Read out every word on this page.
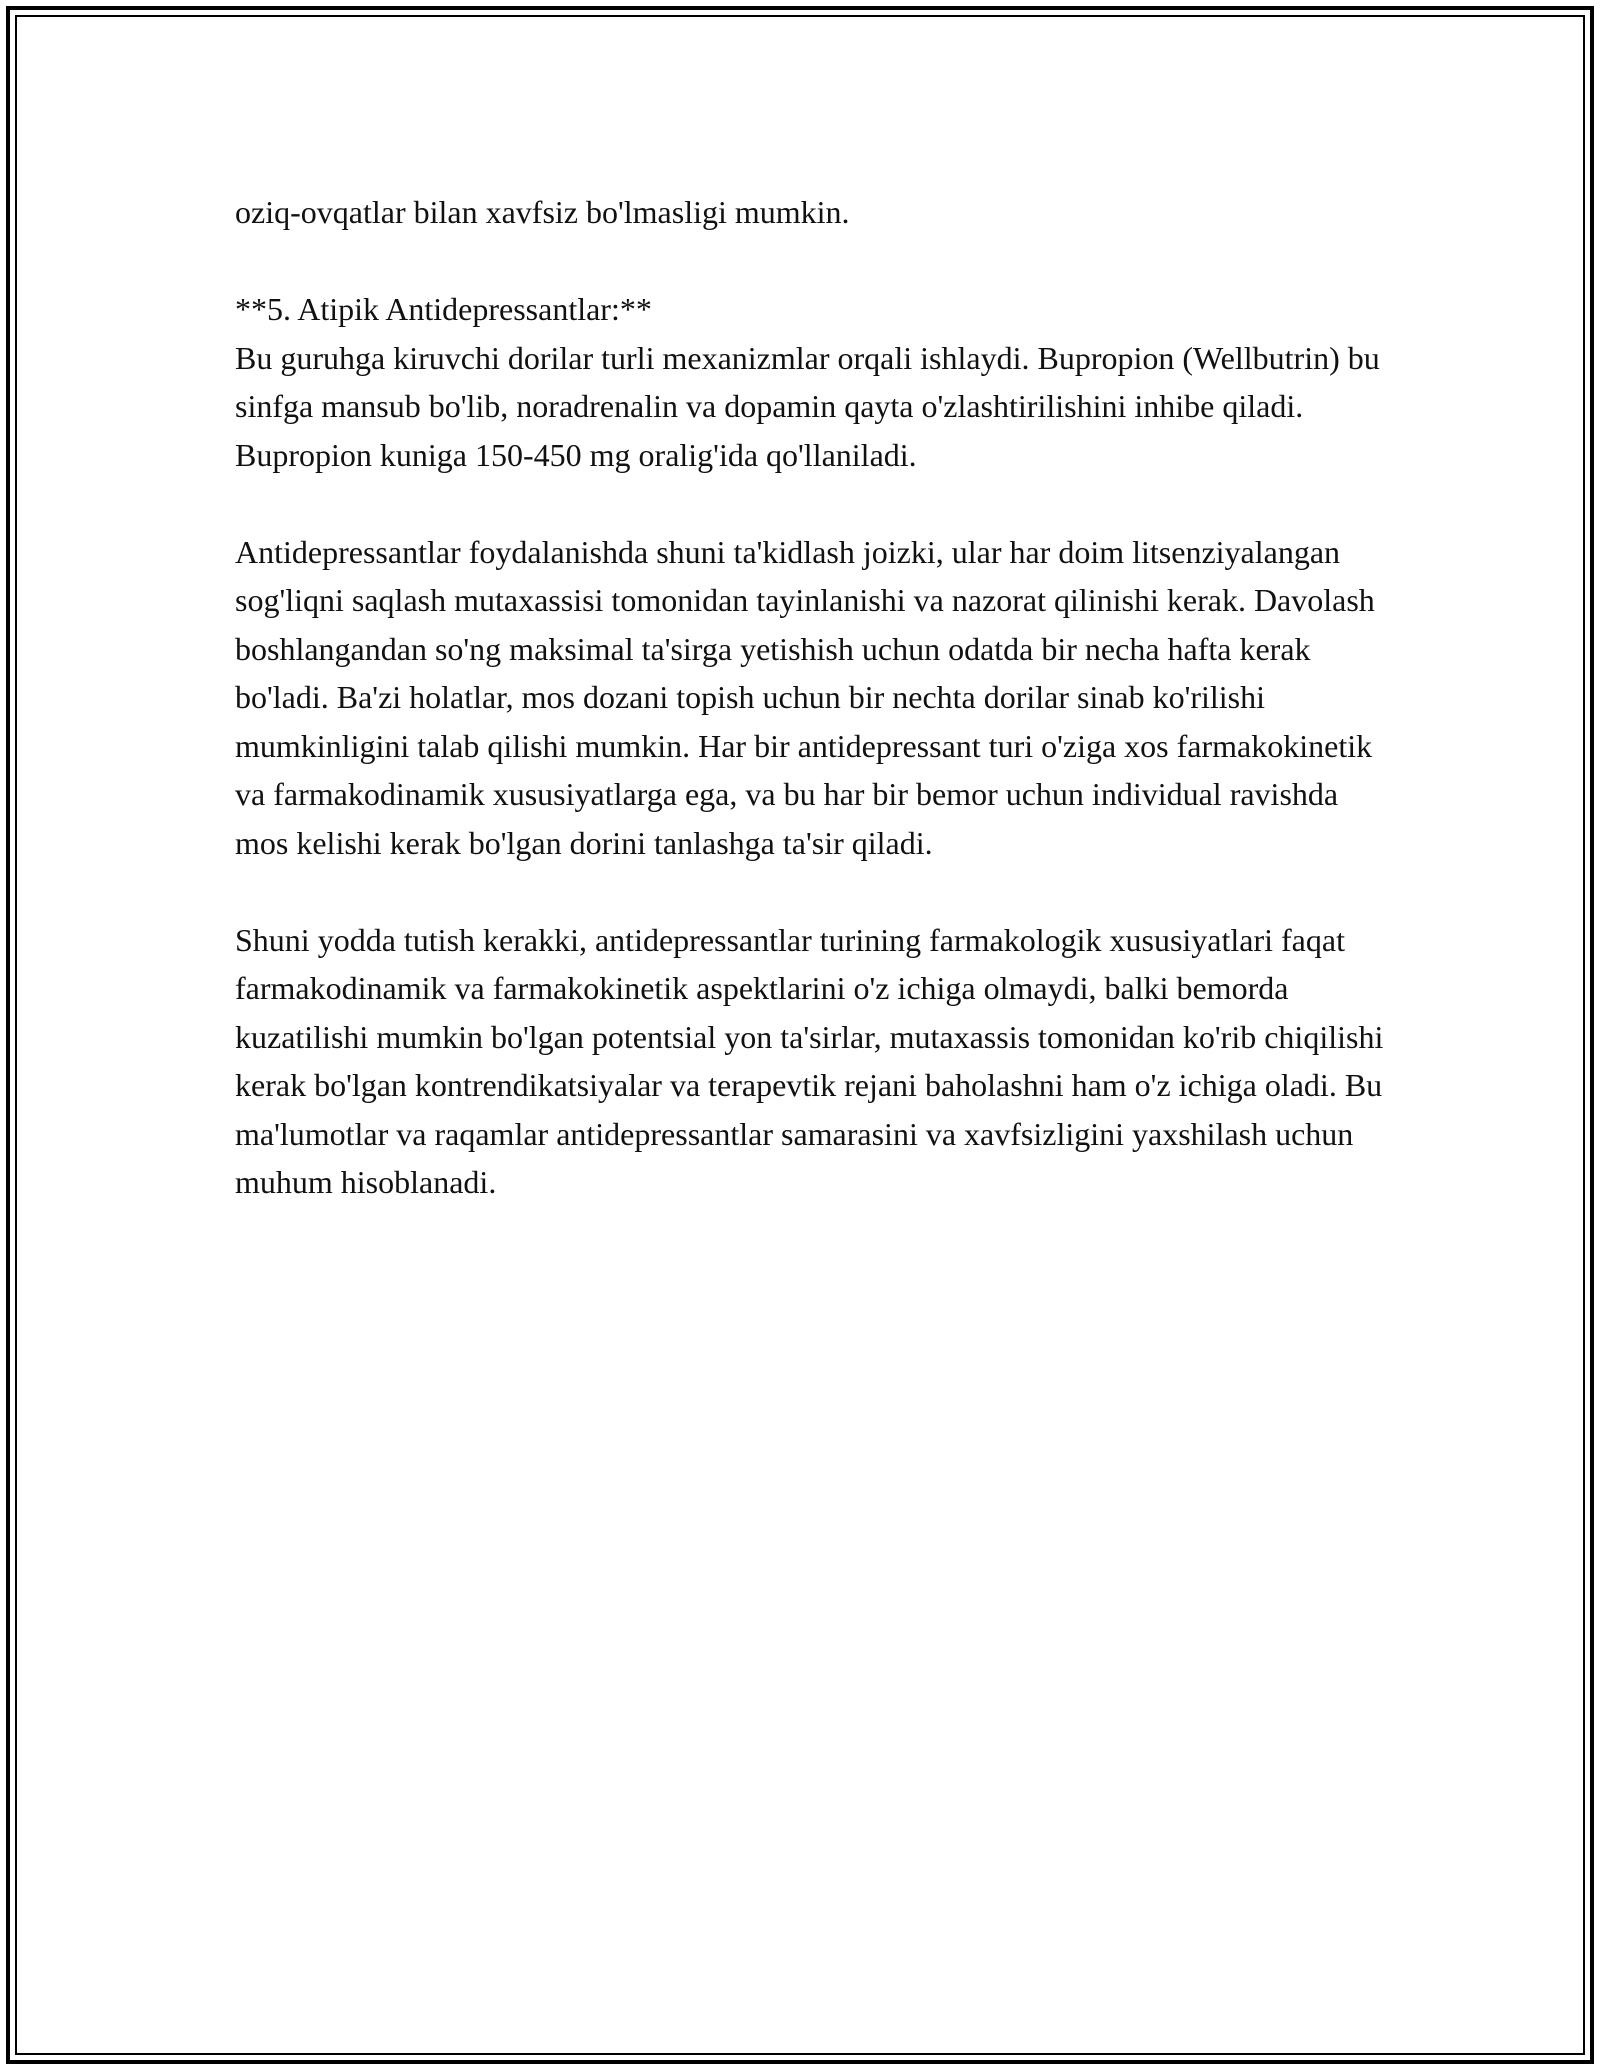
oziq-ovqatlar bilan xavfsiz bo'lmasligi mumkin.

**5. Atipik Antidepressantlar:**
Bu guruhga kiruvchi dorilar turli mexanizmlar orqali ishlaydi. Bupropion (Wellbutrin) bu sinfga mansub bo'lib, noradrenalin va dopamin qayta o'zlashtirilishini inhibe qiladi. Bupropion kuniga 150-450 mg oralig'ida qo'llaniladi.

Antidepressantlar foydalanishda shuni ta'kidlash joizki, ular har doim litsenziyalangan sog'liqni saqlash mutaxassisi tomonidan tayinlanishi va nazorat qilinishi kerak. Davolash boshlangandan so'ng maksimal ta'sirga yetishish uchun odatda bir necha hafta kerak bo'ladi. Ba'zi holatlar, mos dozani topish uchun bir nechta dorilar sinab ko'rilishi mumkinligini talab qilishi mumkin. Har bir antidepressant turi o'ziga xos farmakokinetik va farmakodinamik xususiyatlarga ega, va bu har bir bemor uchun individual ravishda mos kelishi kerak bo'lgan dorini tanlashga ta'sir qiladi.

Shuni yodda tutish kerakki, antidepressantlar turining farmakologik xususiyatlari faqat farmakodinamik va farmakokinetik aspektlarini o'z ichiga olmaydi, balki bemorda kuzatilishi mumkin bo'lgan potentsial yon ta'sirlar, mutaxassis tomonidan ko'rib chiqilishi kerak bo'lgan kontrendikatsiyalar va terapevtik rejani baholashni ham o'z ichiga oladi. Bu ma'lumotlar va raqamlar antidepressantlar samarasini va xavfsizligini yaxshilash uchun muhum hisoblanadi.
